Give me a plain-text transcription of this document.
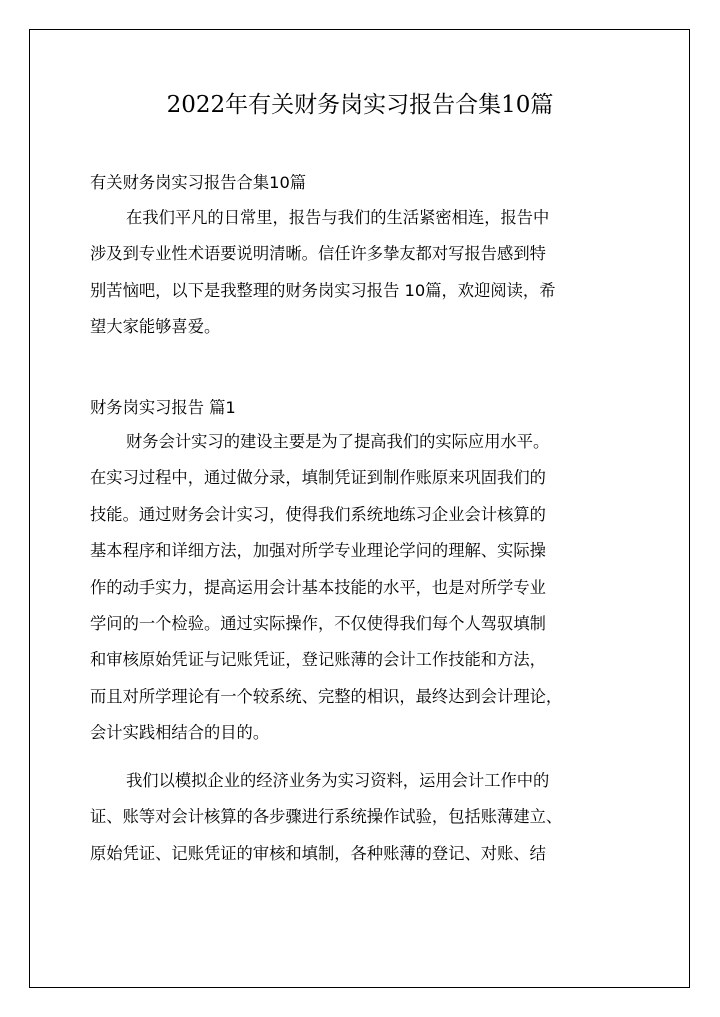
2022年有关财务岗实习报告合集10篇
有关财务岗实习报告合集10篇
在我们平凡的日常里，报告与我们的生活紧密相连，报告中
涉及到专业性术语要说明清晰。信任许多挚友都对写报告感到特
别苦恼吧，以下是我整理的财务岗实习报告 10篇，欢迎阅读，希
望大家能够喜爱。
财务岗实习报告 篇1
财务会计实习的建设主要是为了提高我们的实际应用水平。
在实习过程中，通过做分录，填制凭证到制作账原来巩固我们的
技能。通过财务会计实习，使得我们系统地练习企业会计核算的
基本程序和详细方法，加强对所学专业理论学问的理解、实际操
作的动手实力，提高运用会计基本技能的水平，也是对所学专业
学问的一个检验。通过实际操作，不仅使得我们每个人驾驭填制
和审核原始凭证与记账凭证，登记账薄的会计工作技能和方法，
而且对所学理论有一个较系统、完整的相识，最终达到会计理论，
会计实践相结合的目的。
我们以模拟企业的经济业务为实习资料，运用会计工作中的
证、账等对会计核算的各步骤进行系统操作试验，包括账薄建立、
原始凭证、记账凭证的审核和填制，各种账薄的登记、对账、结
